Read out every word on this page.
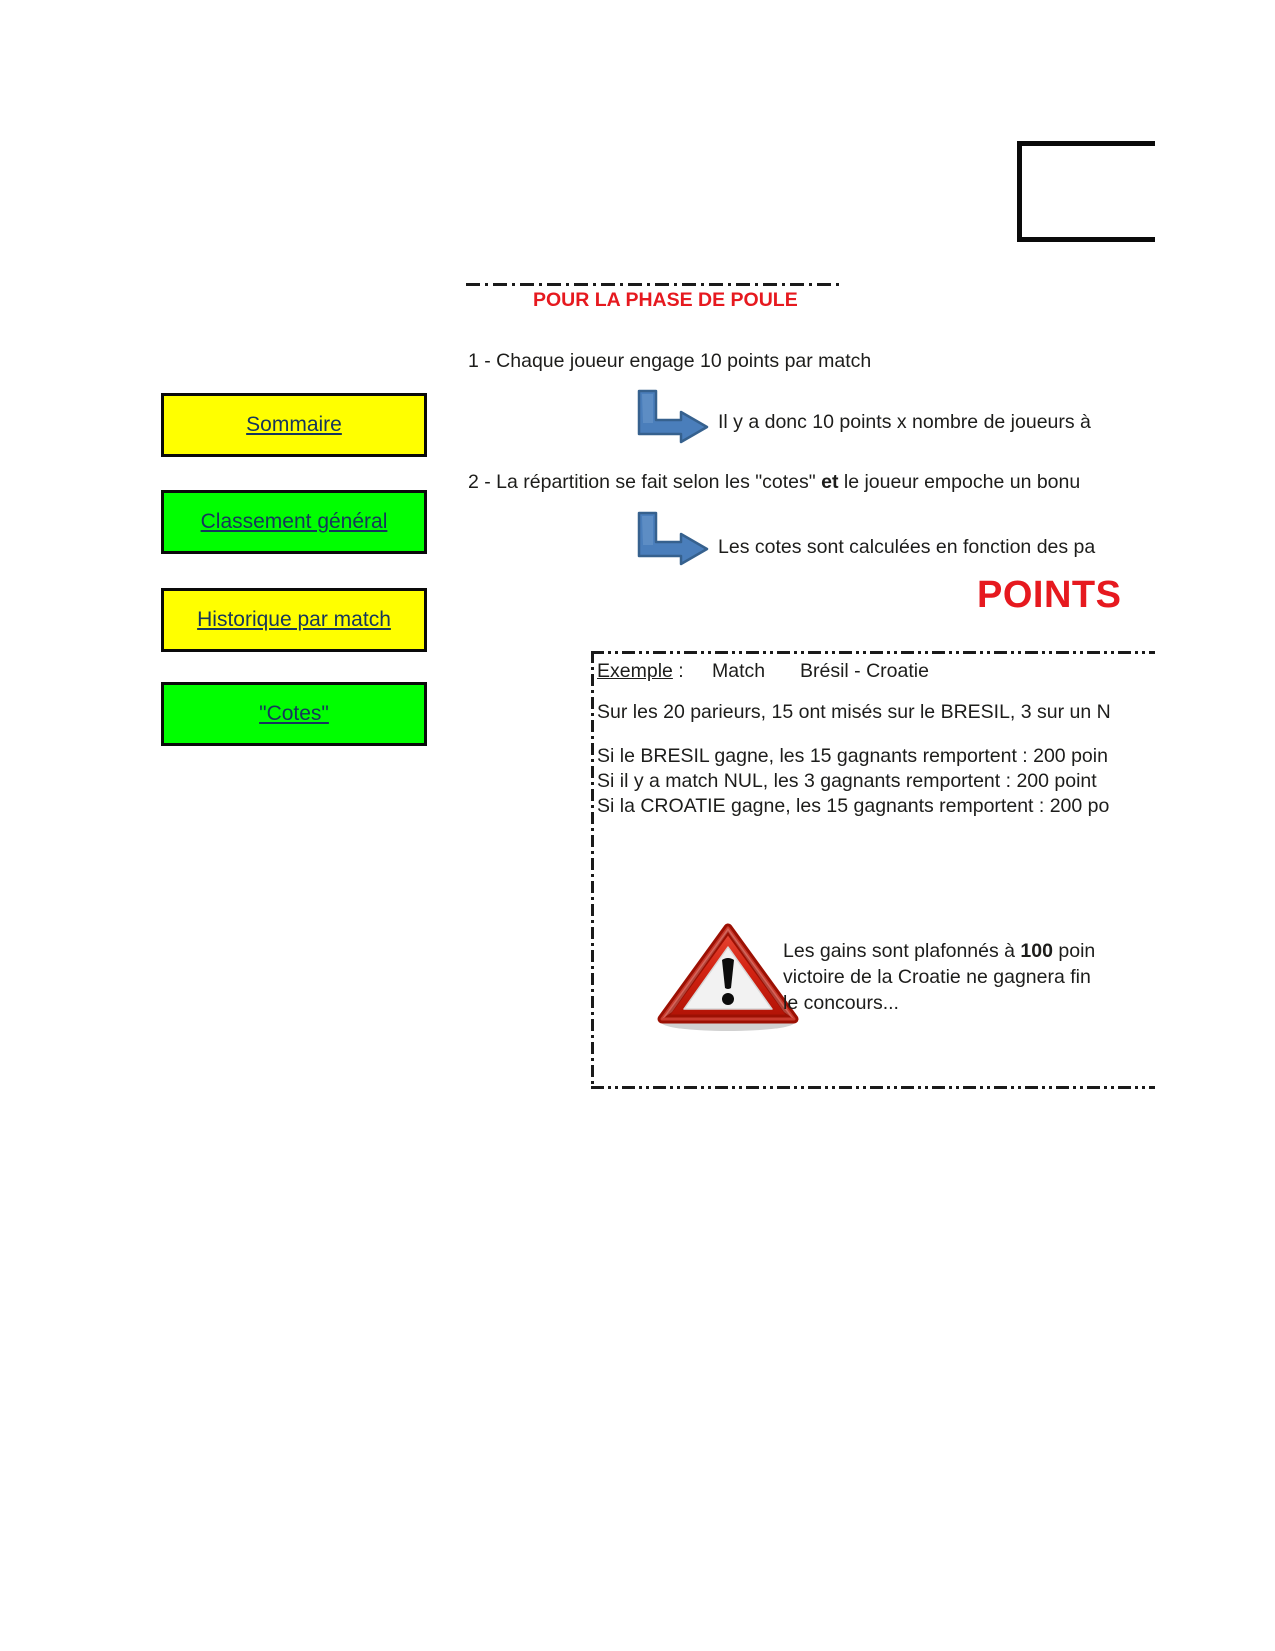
Sommaire
Classement général
Historique par match
"Cotes"
POUR LA PHASE DE POULE
1 - Chaque joueur engage 10 points par match
Il y a donc 10 points x nombre de joueurs à
2 - La répartition se fait selon les "cotes" et le joueur empoche un bonu
Les cotes sont calculées en fonction des pa
POINTS
Exemple : Match Brésil - Croatie
Sur les 20 parieurs, 15 ont misés sur le BRESIL, 3 sur un N
Si le BRESIL gagne, les 15 gagnants remportent : 200 poin
Si il y a match NUL, les 3 gagnants remportent : 200 point
Si la CROATIE gagne, les 15 gagnants remportent : 200 po
Les gains sont plafonnés à 100 poin
victoire de la Croatie ne gagnera fin
le concours...
